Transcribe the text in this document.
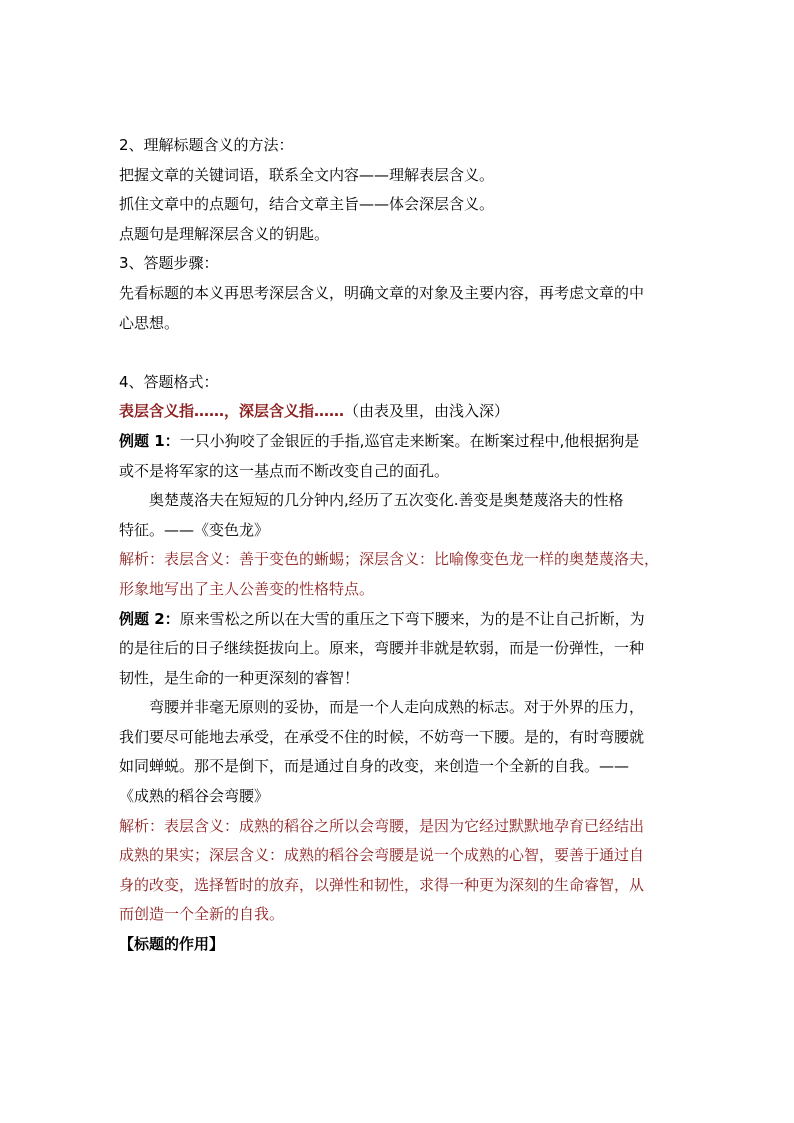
2、理解标题含义的方法：

把握文章的关键词语，联系全文内容——理解表层含义。

抓住文章中的点题句，结合文章主旨——体会深层含义。

点题句是理解深层含义的钥匙。

3、答题步骤：

先看标题的本义再思考深层含义，明确文章的对象及主要内容，再考虑文章的中

心思想。

4、答题格式：

表层含义指……，深层含义指……（由表及里，由浅入深）

例题 1：一只小狗咬了金银匠的手指,巡官走来断案。在断案过程中,他根据狗是

或不是将军家的这一基点而不断改变自己的面孔。

奥楚蔑洛夫在短短的几分钟内,经历了五次变化.善变是奥楚蔑洛夫的性格

特征。——《变色龙》

解析：表层含义：善于变色的蜥蜴；深层含义：比喻像变色龙一样的奥楚蔑洛夫，

形象地写出了主人公善变的性格特点。

例题 2：原来雪松之所以在大雪的重压之下弯下腰来，为的是不让自己折断，为

的是往后的日子继续挺拔向上。原来，弯腰并非就是软弱，而是一份弹性，一种

韧性，是生命的一种更深刻的睿智！

弯腰并非毫无原则的妥协，而是一个人走向成熟的标志。对于外界的压力，

我们要尽可能地去承受，在承受不住的时候，不妨弯一下腰。是的，有时弯腰就

如同蝉蜕。那不是倒下，而是通过自身的改变，来创造一个全新的自我。——

《成熟的稻谷会弯腰》

解析：表层含义：成熟的稻谷之所以会弯腰，是因为它经过默默地孕育已经结出

成熟的果实；深层含义：成熟的稻谷会弯腰是说一个成熟的心智，要善于通过自

身的改变，选择暂时的放弃，以弹性和韧性，求得一种更为深刻的生命睿智，从

而创造一个全新的自我。

【标题的作用】
